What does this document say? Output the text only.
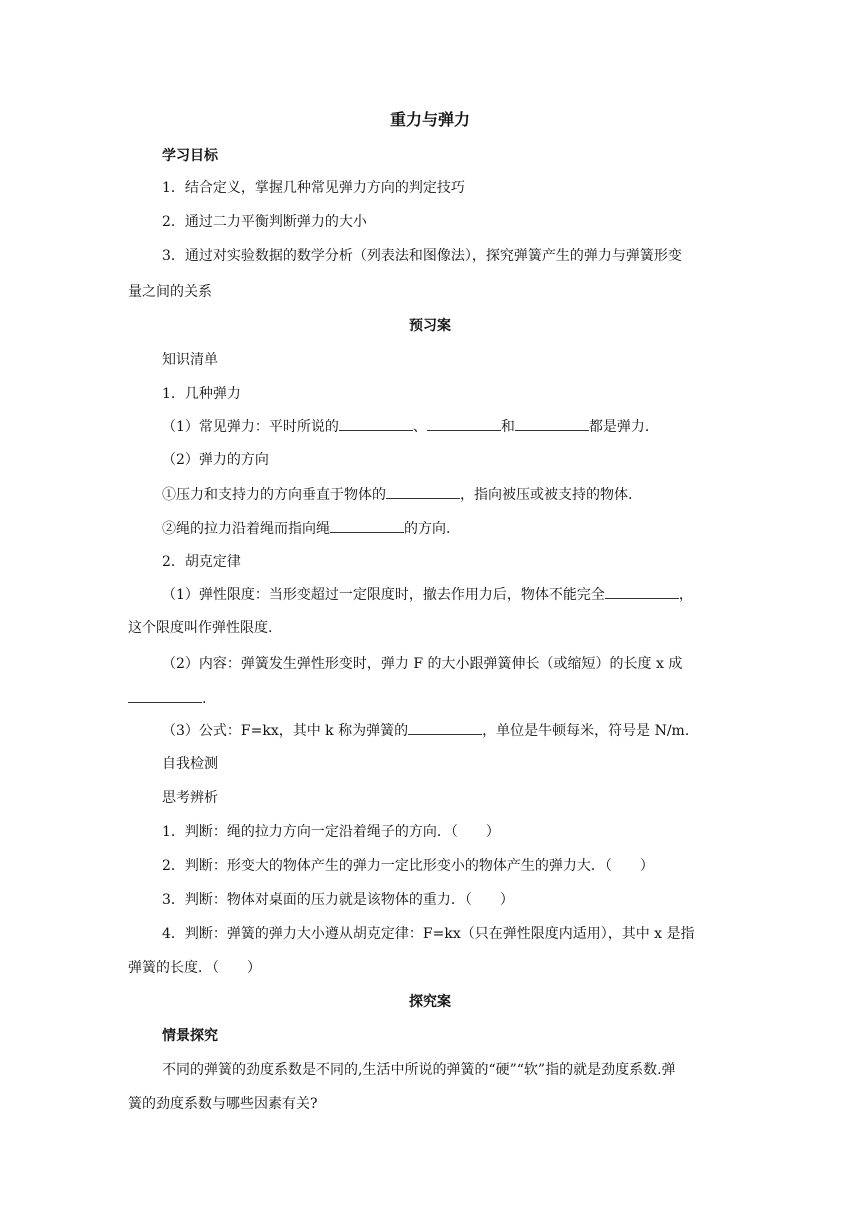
重力与弹力
学习目标
1．结合定义，掌握几种常见弹力方向的判定技巧
2．通过二力平衡判断弹力的大小
3．通过对实验数据的数学分析（列表法和图像法），探究弹簧产生的弹力与弹簧形变
量之间的关系
预习案
知识清单
1．几种弹力
（1）常见弹力：平时所说的	、	和	都是弹力.
（2）弹力的方向
①压力和支持力的方向垂直于物体的	，指向被压或被支持的物体.
②绳的拉力沿着绳而指向绳	的方向.
2．胡克定律
（1）弹性限度：当形变超过一定限度时，撤去作用力后，物体不能完全	，
这个限度叫作弹性限度.
（2）内容：弹簧发生弹性形变时，弹力 F 的大小跟弹簧伸长（或缩短）的长度 x 成
.
（3）公式：F=kx，其中 k 称为弹簧的	，单位是牛顿每米，符号是 N/m.
自我检测
思考辨析
1．判断：绳的拉力方向一定沿着绳子的方向．（　　）
2．判断：形变大的物体产生的弹力一定比形变小的物体产生的弹力大．（　　）
3．判断：物体对桌面的压力就是该物体的重力．（　　）
4．判断：弹簧的弹力大小遵从胡克定律：F=kx（只在弹性限度内适用），其中 x 是指
弹簧的长度．（　　）
探究案
情景探究
不同的弹簧的劲度系数是不同的,生活中所说的弹簧的“硬”“软”指的就是劲度系数.弹
簧的劲度系数与哪些因素有关?
